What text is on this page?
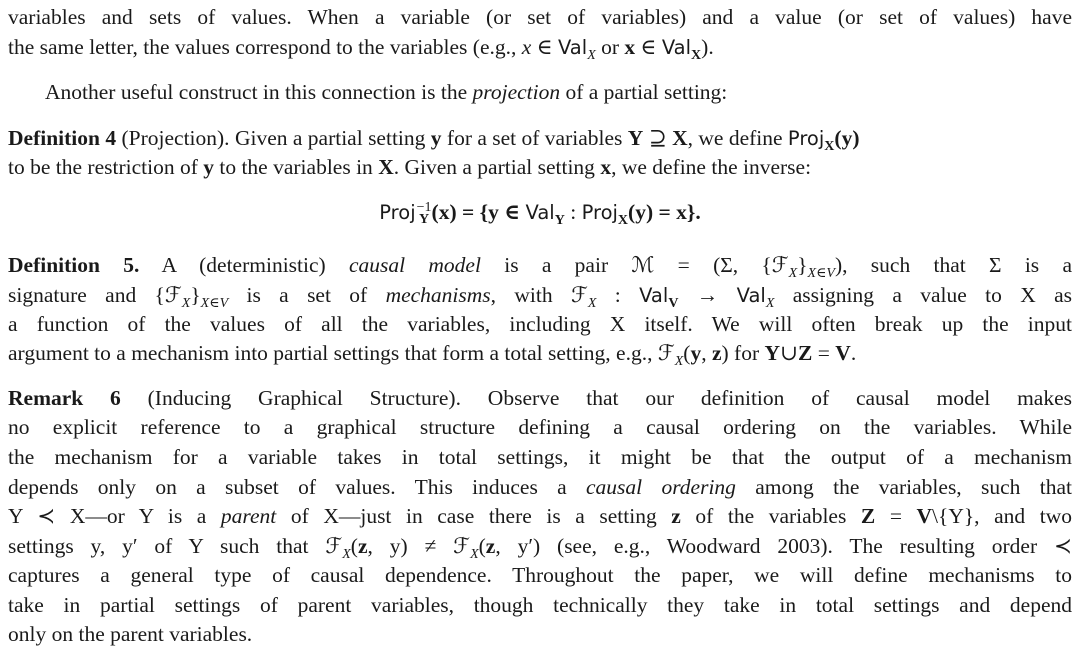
variables and sets of values. When a variable (or set of variables) and a value (or set of values) have
the same letter, the values correspond to the variables (e.g., x ∈ Val$_X$ or x ∈ Val$_X$).
Another useful construct in this connection is the projection of a partial setting:
Definition 4 (Projection). Given a partial setting y for a set of variables Y ⊇ X, we define Proj$_X$(y)
to be the restriction of y to the variables in X. Given a partial setting x, we define the inverse:
Proj −1
Y (x) = {y ∈ Val$_Y$ : Proj$_X$(y) = x}.
Definition 5. A (deterministic) causal model is a pair ℳ = (Σ, $\{ℱ_X\}_{X\in V}$), such that Σ is a
signature and $\{ℱ_X\}_{X\in V}$ is a set of mechanisms, with ℱ$_X$ : Val$_V$ → Val$_X$ assigning a value to X as
a function of the values of all the variables, including X itself. We will often break up the input
argument to a mechanism into partial settings that form a total setting, e.g., ℱ$_X$(y, z) for Y∪Z = V.
Remark 6 (Inducing Graphical Structure). Observe that our definition of causal model makes
no explicit reference to a graphical structure defining a causal ordering on the variables. While
the mechanism for a variable takes in total settings, it might be that the output of a mechanism
depends only on a subset of values. This induces a causal ordering among the variables, such that
Y ≺ X—or Y is a parent of X—just in case there is a setting z of the variables Z = V\{Y}, and two
settings y, y′ of Y such that ℱ$_X$(z, y) ≠ ℱ$_X$(z, y′) (see, e.g., Woodward 2003). The resulting order ≺
captures a general type of causal dependence. Throughout the paper, we will define mechanisms to
take in partial settings of parent variables, though technically they take in total settings and depend
only on the parent variables.
